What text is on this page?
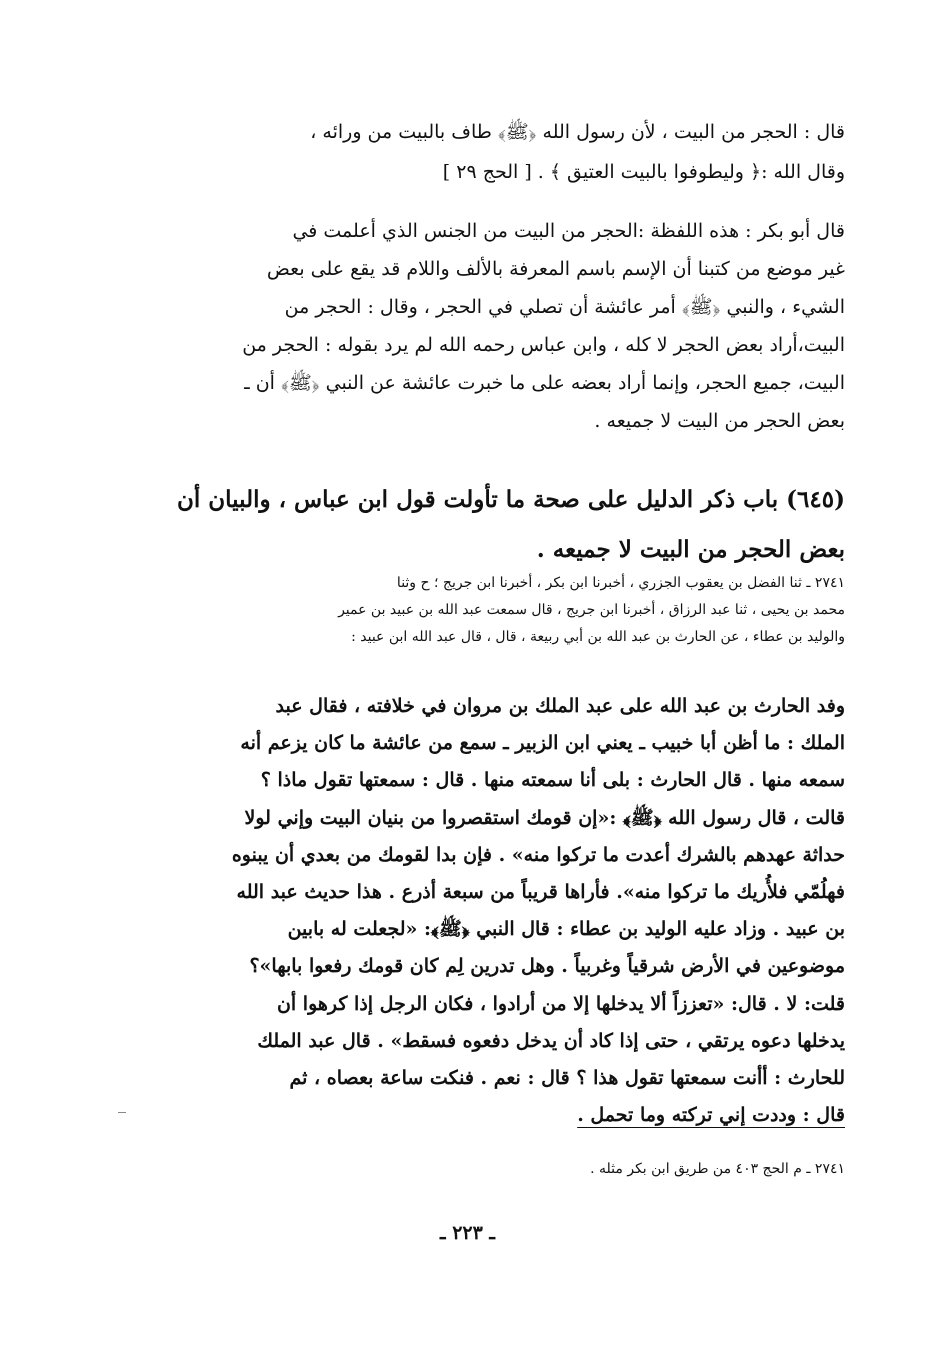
قال : الحجر من البيت ، لأن رسول الله ﴿ﷺ﴾ طاف بالبيت من ورائه ،
وقال الله :﴿ وليطوفوا بالبيت العتيق ﴾ . [ الحج ٢٩ ]
قال أبو بكر : هذه اللفظة :الحجر من البيت من الجنس الذي أعلمت في
غير موضع من كتبنا أن الإسم باسم المعرفة بالألف واللام قد يقع على بعض
الشيء ، والنبي ﴿ﷺ﴾ أمر عائشة أن تصلي في الحجر ، وقال : الحجر من
البيت،أراد بعض الحجر لا كله ، وابن عباس رحمه الله لم يرد بقوله : الحجر من
البيت، جميع الحجر، وإنما أراد بعضه على ما خبرت عائشة عن النبي ﴿ﷺ﴾ أن ـ
بعض الحجر من البيت لا جميعه .
(٦٤٥) باب ذكر الدليل على صحة ما تأولت قول ابن عباس ، والبيان أن
بعض الحجر من البيت لا جميعه .
٢٧٤١ ـ ثنا الفضل بن يعقوب الجزري ، أخبرنا ابن بكر ، أخبرنا ابن جريج ؛ ح وثنا
محمد بن يحيى ، ثنا عبد الرزاق ، أخبرنا ابن جريج ، قال سمعت عبد الله بن عبيد بن عمير
والوليد بن عطاء ، عن الحارث بن عبد الله بن أبي ربيعة ، قال ، قال عبد الله ابن عبيد :
وفد الحارث بن عبد الله على عبد الملك بن مروان في خلافته ، فقال عبد
الملك : ما أظن أبا خبيب ـ يعني ابن الزبير ـ سمع من عائشة ما كان يزعم أنه
سمعه منها . قال الحارث : بلى أنا سمعته منها . قال : سمعتها تقول ماذا ؟
قالت ، قال رسول الله ﴿ﷺ﴾ :«إن قومك استقصروا من بنيان البيت وإني لولا
حداثة عهدهم بالشرك أعدت ما تركوا منه» . فإن بدا لقومك من بعدي أن يبنوه
فهلُمّي فلأُريك ما تركوا منه». فأراها قريباً من سبعة أذرع . هذا حديث عبد الله
بن عبيد . وزاد عليه الوليد بن عطاء : قال النبي ﴿ﷺ﴾: «لجعلت له بابين
موضوعين في الأرض شرقياً وغربياً . وهل تدرين لِم كان قومك رفعوا بابها»؟
قلت: لا . قال: «تعززاً ألا يدخلها إلا من أرادوا ، فكان الرجل إذا كرهوا أن
يدخلها دعوه يرتقي ، حتى إذا كاد أن يدخل دفعوه فسقط» . قال عبد الملك
للحارث : أأنت سمعتها تقول هذا ؟ قال : نعم . فنكت ساعة بعصاه ، ثم
قال : وددت إني تركته وما تحمل .
٢٧٤١ ـ م الحج ٤٠٣ من طريق ابن بكر مثله .
ـ ٢٢٣ ـ
